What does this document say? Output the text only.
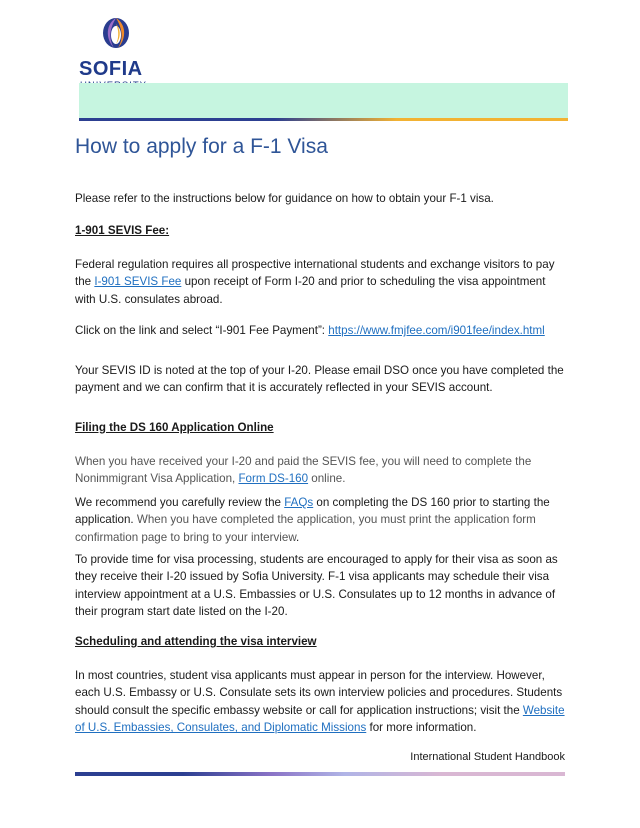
SOFIA
How to apply for a F-1 Visa

Please refer to the instructions below for guidance on how to obtain your F-1 visa.

1-901 SEVIS Fee:

Federal regulation requires all prospective international students and exchange visitors to pay the I-901 SEVIS Fee upon receipt of Form I-20 and prior to scheduling the visa appointment with U.S. consulates abroad.

Click on the link and select “I-901 Fee Payment”: https://www.fmjfee.com/i901fee/index.html

Your SEVIS ID is noted at the top of your I-20. Please email DSO once you have completed the payment and we can confirm that it is accurately reflected in your SEVIS account.

Filing the DS 160 Application Online

When you have received your I-20 and paid the SEVIS fee, you will need to complete the Nonimmigrant Visa Application, Form DS-160 online.

We recommend you carefully review the FAQs on completing the DS 160 prior to starting the application. When you have completed the application, you must print the application form confirmation page to bring to your interview.

To provide time for visa processing, students are encouraged to apply for their visa as soon as they receive their I-20 issued by Sofia University. F-1 visa applicants may schedule their visa interview appointment at a U.S. Embassies or U.S. Consulates up to 12 months in advance of their program start date listed on the I-20.

Scheduling and attending the visa interview

In most countries, student visa applicants must appear in person for the interview. However, each U.S. Embassy or U.S. Consulate sets its own interview policies and procedures. Students should consult the specific embassy website or call for application instructions; visit the Website of U.S. Embassies, Consulates, and Diplomatic Missions for more information.

International Student Handbook
